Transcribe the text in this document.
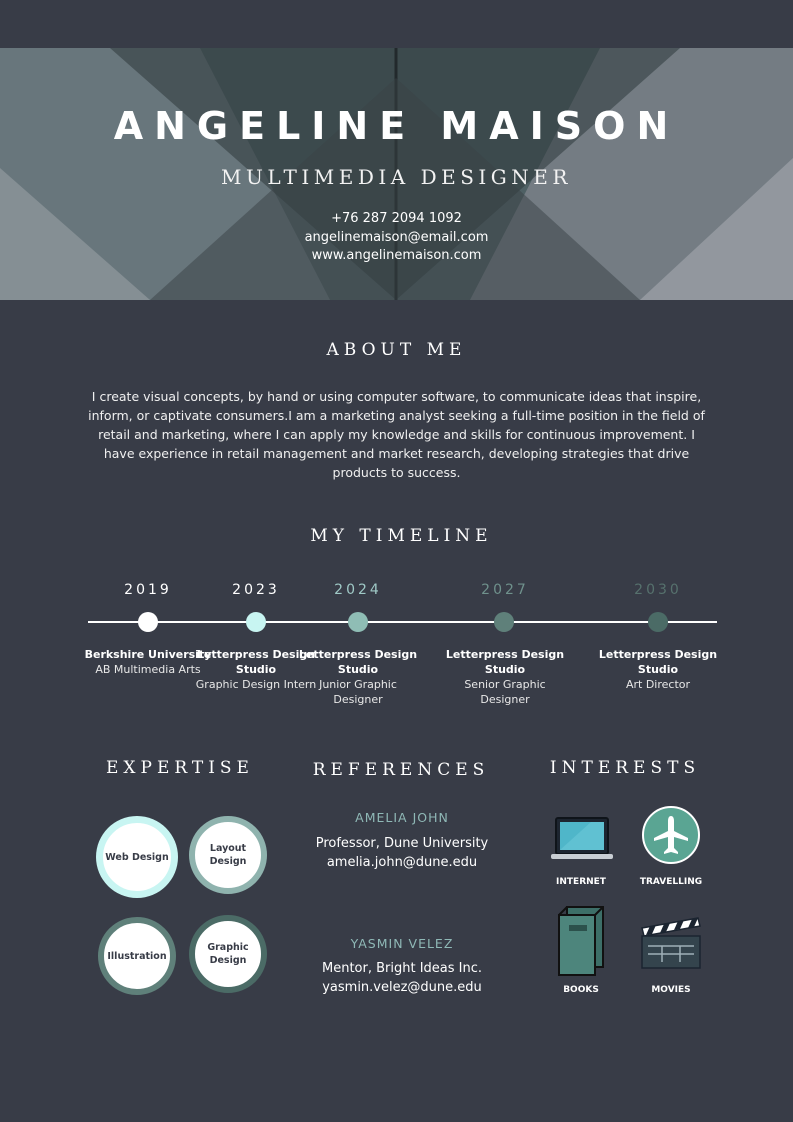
ANGELINE MAISON
MULTIMEDIA DESIGNER
+76 287 2094 1092
angelinemaison@email.com
www.angelinemaison.com
ABOUT ME
I create visual concepts, by hand or using computer software, to communicate ideas that inspire, inform, or captivate consumers.I am a marketing analyst seeking a full-time position in the field of retail and marketing, where I can apply my knowledge and skills for continuous improvement. I have experience in retail management and market research, developing strategies that drive products to success.
MY TIMELINE
2019
Berkshire University
AB Multimedia Arts
2023
Letterpress Design Studio
Graphic Design Intern
2024
Letterpress Design Studio
Junior Graphic Designer
2027
Letterpress Design Studio
Senior Graphic Designer
2030
Letterpress Design Studio
Art Director
EXPERTISE
Web Design
Layout Design
Illustration
Graphic Design
REFERENCES
AMELIA JOHN
Professor, Dune University
amelia.john@dune.edu
YASMIN VELEZ
Mentor, Bright Ideas Inc.
yasmin.velez@dune.edu
INTERESTS
INTERNET	TRAVELLING
BOOKS	MOVIES
